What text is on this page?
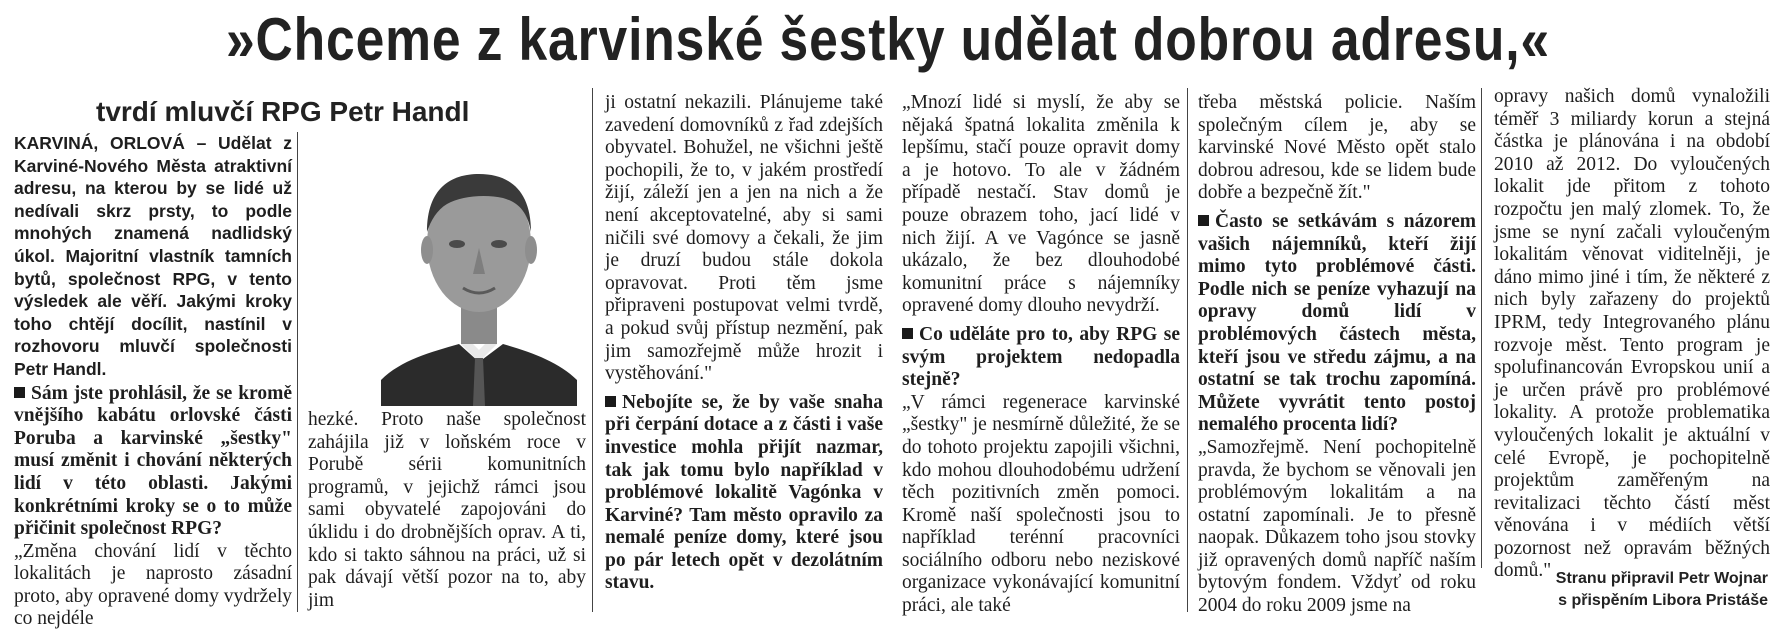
»Chceme z karvinské šestky udělat dobrou adresu,«
tvrdí mluvčí RPG Petr Handl

KARVINÁ, ORLOVÁ – Udělat z Karviné-Nového Města atraktivní adresu, na kterou by se lidé už nedívali skrz prsty, to podle mnohých znamená nadlidský úkol. Majoritní vlastník tamních bytů, společnost RPG, v tento výsledek ale věří. Jakými kroky toho chtějí docílit, nastínil v rozhovoru mluvčí společnosti Petr Handl.

Sám jste prohlásil, že se kromě vnějšího kabátu orlovské části Poruba a karvinské „šestky" musí změnit i chování některých lidí v této oblasti. Jakými konkrétními kroky se o to může přičinit společnost RPG?

„Změna chování lidí v těchto lokalitách je naprosto zásadní proto, aby opravené domy vydržely co nejdéle

hezké. Proto naše společnost zahájila již v loňském roce v Porubě sérii komunitních programů, v jejichž rámci jsou sami obyvatelé zapojováni do úklidu i do drobnějších oprav. A ti, kdo si takto sáhnou na práci, už si pak dávají větší pozor na to, aby jim

ji ostatní nekazili. Plánujeme také zavedení domovníků z řad zdejších obyvatel. Bohužel, ne všichni ještě pochopili, že to, v jakém prostředí žijí, záleží jen a jen na nich a že není akceptovatelné, aby si sami ničili své domovy a čekali, že jim je druzí budou stále dokola opravovat. Proti těm jsme připraveni postupovat velmi tvrdě, a pokud svůj přístup nezmění, pak jim samozřejmě může hrozit i vystěhování."

Nebojíte se, že by vaše snaha při čerpání dotace a z části i vaše investice mohla přijít nazmar, tak jak tomu bylo například v problémové lokalitě Vagónka v Karviné? Tam město opravilo za nemalé peníze domy, které jsou po pár letech opět v dezolátním stavu.

„Mnozí lidé si myslí, že aby se nějaká špatná lokalita změnila k lepšímu, stačí pouze opravit domy a je hotovo. To ale v žádném případě nestačí. Stav domů je pouze obrazem toho, jací lidé v nich žijí. A ve Vagónce se jasně ukázalo, že bez dlouhodobé komunitní práce s nájemníky opravené domy dlouho nevydrží.

Co uděláte pro to, aby RPG se svým projektem nedopadla stejně?

„V rámci regenerace karvinské „šestky" je nesmírně důležité, že se do tohoto projektu zapojili všichni, kdo mohou dlouhodobému udržení těch pozitivních změn pomoci. Kromě naší společnosti jsou to například terénní pracovníci sociálního odboru nebo neziskové organizace vykonávající komunitní práci, ale také

třeba městská policie. Naším společným cílem je, aby se karvinské Nové Město opět stalo dobrou adresou, kde se lidem bude dobře a bezpečně žít."

Často se setkávám s názorem vašich nájemníků, kteří žijí mimo tyto problémové části. Podle nich se peníze vyhazují na opravy domů lidí v problémových částech města, kteří jsou ve středu zájmu, a na ostatní se tak trochu zapomíná. Můžete vyvrátit tento postoj nemalého procenta lidí?

„Samozřejmě. Není pochopitelně pravda, že bychom se věnovali jen problémovým lokalitám a na ostatní zapomínali. Je to přesně naopak. Důkazem toho jsou stovky již opravených domů napříč naším bytovým fondem. Vždyť od roku 2004 do roku 2009 jsme na

opravy našich domů vynaložili téměř 3 miliardy korun a stejná částka je plánována i na období 2010 až 2012. Do vyloučených lokalit jde přitom z tohoto rozpočtu jen malý zlomek. To, že jsme se nyní začali vyloučeným lokalitám věnovat viditelněji, je dáno mimo jiné i tím, že některé z nich byly zařazeny do projektů IPRM, tedy Integrovaného plánu rozvoje měst. Tento program je spolufinancován Evropskou unií a je určen právě pro problémové lokality. A protože problematika vyloučených lokalit je aktuální v celé Evropě, je pochopitelně projektům zaměřeným na revitalizaci těchto částí měst věnována i v médiích větší pozornost než opravám běžných domů." Stranu připravil Petr Wojnar
s přispěním Libora Pristáše
